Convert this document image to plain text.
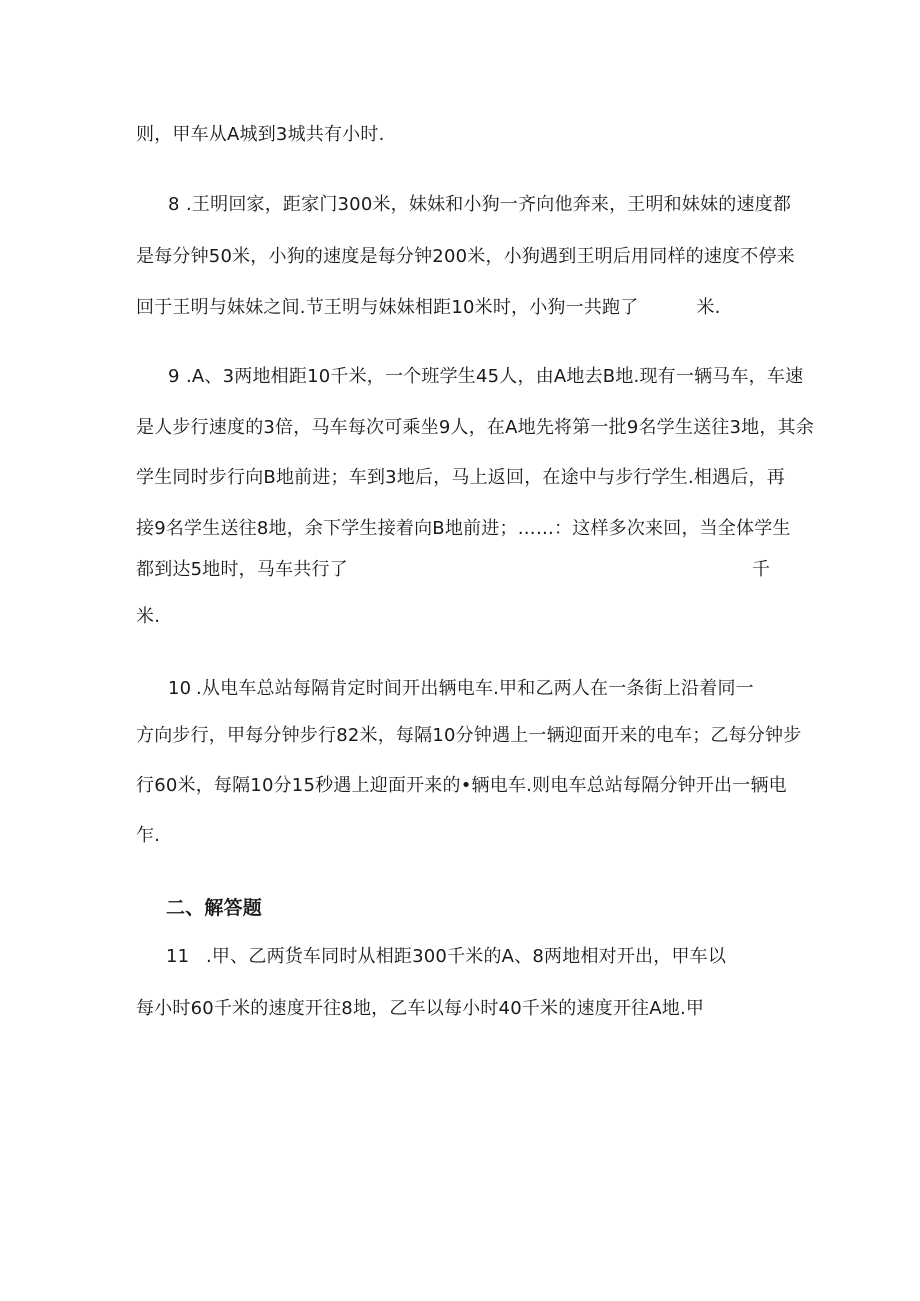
则，甲车从A城到3城共有小时.
8 .王明回家，距家门300米，妹妹和小狗一齐向他奔来，王明和妹妹的速度都
是每分钟50米，小狗的速度是每分钟200米，小狗遇到王明后用同样的速度不停来
回于王明与妹妹之间.节王明与妹妹相距10米时，小狗一共跑了	米.
9 .A、3两地相距10千米，一个班学生45人，由A地去B地.现有一辆马车，车速
是人步行速度的3倍，马车每次可乘坐9人，在A地先将第一批9名学生送往3地，其余
学生同时步行向B地前进；车到3地后，马上返回，在途中与步行学生.相遇后，再
接9名学生送往8地，余下学生接着向B地前进；……：这样多次来回，当全体学生
都到达5地时，马车共行了	千
米.
10 .从电车总站每隔肯定时间开出辆电车.甲和乙两人在一条街上沿着同一
方向步行，甲每分钟步行82米，每隔10分钟遇上一辆迎面开来的电车；乙每分钟步
行60米，每隔10分15秒遇上迎面开来的•辆电车.则电车总站每隔分钟开出一辆电
乍.
二、解答题
11 .甲、乙两货车同时从相距300千米的A、8两地相对开出，甲车以
每小时60千米的速度开往8地，乙车以每小时40千米的速度开往A地.甲
